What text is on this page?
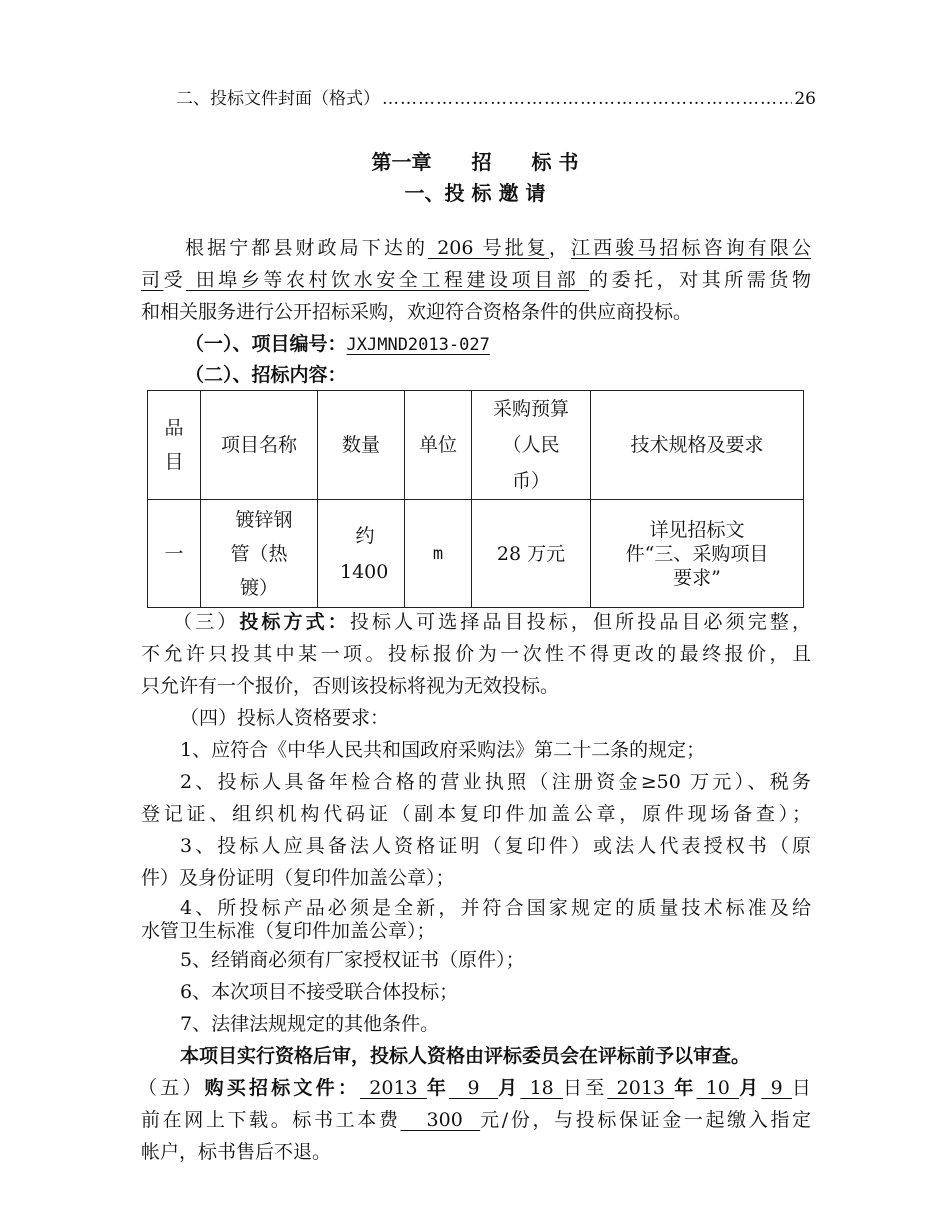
二、投标文件封面（格式） ……………………………………………………………………………………………………………………	26
第一章　　招　　标 书
一、投 标 邀 请
根据宁都县财政局下达的 206 号批复，江西骏马招标咨询有限公
司受 田埠乡等农村饮水安全工程建设项目部 的委托，对其所需货物
和相关服务进行公开招标采购，欢迎符合资格条件的供应商投标。
（一）、项目编号：JXJMND2013-027
（二）、招标内容：
品目	项目名称	数量	单位	采购预算（人民币）	技术规格及要求
一	镀锌钢管（热镀）	约1400	m	28 万元	详见招标文件“三、采购项目要求”
（三）投标方式：投标人可选择品目投标，但所投品目必须完整，
不允许只投其中某一项。投标报价为一次性不得更改的最终报价，且
只允许有一个报价，否则该投标将视为无效投标。
（四）投标人资格要求：
1、应符合《中华人民共和国政府采购法》第二十二条的规定；
2、投标人具备年检合格的营业执照（注册资金≥50 万元）、税务
登记证、组织机构代码证（副本复印件加盖公章，原件现场备查）；
3、投标人应具备法人资格证明（复印件）或法人代表授权书（原
件）及身份证明（复印件加盖公章）；
4、所投标产品必须是全新，并符合国家规定的质量技术标准及给
水管卫生标准（复印件加盖公章）；
5、经销商必须有厂家授权证书（原件）；
6、本次项目不接受联合体投标；
7、法律法规规定的其他条件。
本项目实行资格后审，投标人资格由评标委员会在评标前予以审查。
（五）购买招标文件： 2013 年  9  月 18 日至 2013 年 10 月 9 日
前在网上下载。标书工本费   300  元/份，与投标保证金一起缴入指定
帐户，标书售后不退。
